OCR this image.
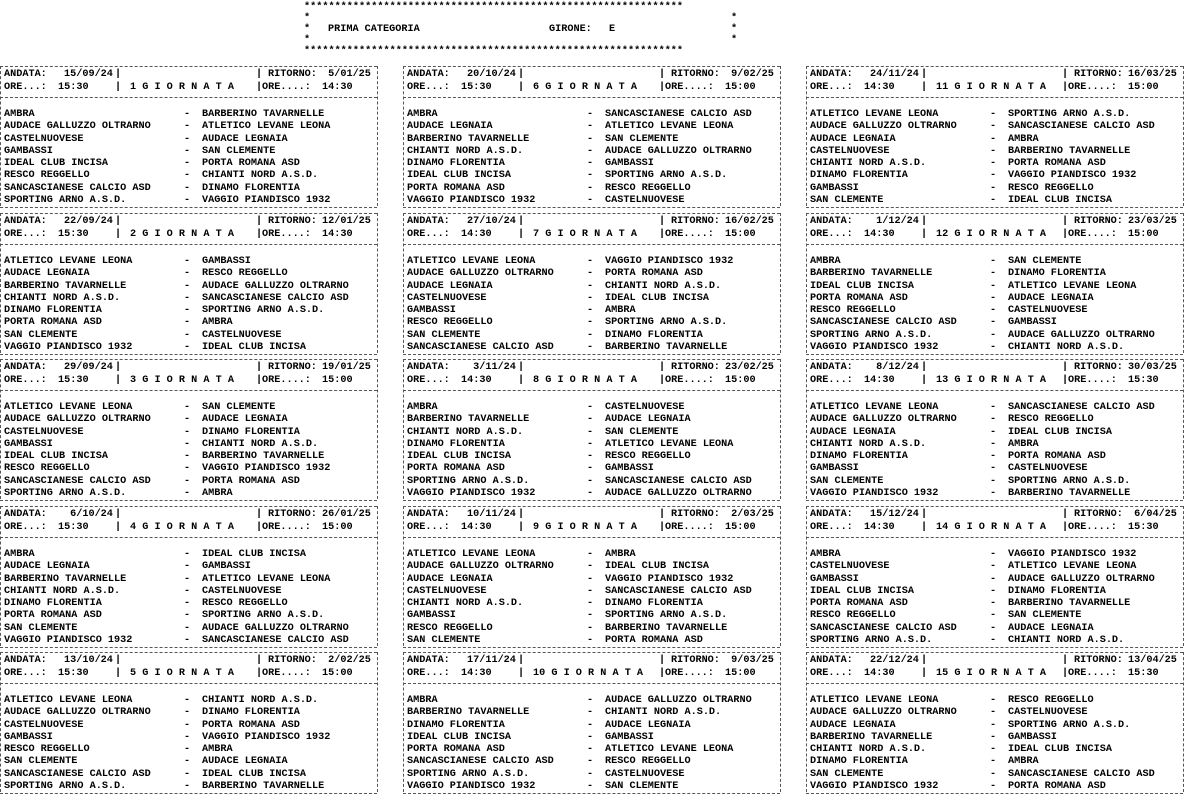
**************************************************************
*	*
* PRIMA CATEGORIA	GIRONE: E	*
*	*
**************************************************************
ANDATA: 15/09/24 |	| RITORNO: 5/01/25
ORE...: 15:30	| 1 G I O R N A T A | ORE....: 14:30
AMBRA	- BARBERINO TAVARNELLE
AUDACE GALLUZZO OLTRARNO	- ATLETICO LEVANE LEONA
CASTELNUOVESE	- AUDACE LEGNAIA
GAMBASSI	- SAN CLEMENTE
IDEAL CLUB INCISA	- PORTA ROMANA ASD
RESCO REGGELLO	- CHIANTI NORD A.S.D.
SANCASCIANESE CALCIO ASD	- DINAMO FLORENTIA
SPORTING ARNO A.S.D.	- VAGGIO PIANDISCO 1932
ANDATA: 22/09/24 |	| RITORNO: 12/01/25
ORE...: 15:30	| 2 G I O R N A T A | ORE....: 14:30
ATLETICO LEVANE LEONA	- GAMBASSI
AUDACE LEGNAIA	- RESCO REGGELLO
BARBERINO TAVARNELLE	- AUDACE GALLUZZO OLTRARNO
CHIANTI NORD A.S.D.	- SANCASCIANESE CALCIO ASD
DINAMO FLORENTIA	- SPORTING ARNO A.S.D.
PORTA ROMANA ASD	- AMBRA
SAN CLEMENTE	- CASTELNUOVESE
VAGGIO PIANDISCO 1932	- IDEAL CLUB INCISA
ANDATA: 29/09/24 |	| RITORNO: 19/01/25
ORE...: 15:30	| 3 G I O R N A T A | ORE....: 15:00
ATLETICO LEVANE LEONA	- SAN CLEMENTE
AUDACE GALLUZZO OLTRARNO	- AUDACE LEGNAIA
CASTELNUOVESE	- DINAMO FLORENTIA
GAMBASSI	- CHIANTI NORD A.S.D.
IDEAL CLUB INCISA	- BARBERINO TAVARNELLE
RESCO REGGELLO	- VAGGIO PIANDISCO 1932
SANCASCIANESE CALCIO ASD	- PORTA ROMANA ASD
SPORTING ARNO A.S.D.	- AMBRA
ANDATA: 6/10/24 |	| RITORNO: 26/01/25
ORE...: 15:30	| 4 G I O R N A T A | ORE....: 15:00
AMBRA	- IDEAL CLUB INCISA
AUDACE LEGNAIA	- GAMBASSI
BARBERINO TAVARNELLE	- ATLETICO LEVANE LEONA
CHIANTI NORD A.S.D.	- CASTELNUOVESE
DINAMO FLORENTIA	- RESCO REGGELLO
PORTA ROMANA ASD	- SPORTING ARNO A.S.D.
SAN CLEMENTE	- AUDACE GALLUZZO OLTRARNO
VAGGIO PIANDISCO 1932	- SANCASCIANESE CALCIO ASD
ANDATA: 13/10/24 |	| RITORNO: 2/02/25
ORE...: 15:30	| 5 G I O R N A T A | ORE....: 15:00
ATLETICO LEVANE LEONA	- CHIANTI NORD A.S.D.
AUDACE GALLUZZO OLTRARNO	- DINAMO FLORENTIA
CASTELNUOVESE	- PORTA ROMANA ASD
GAMBASSI	- VAGGIO PIANDISCO 1932
RESCO REGGELLO	- AMBRA
SAN CLEMENTE	- AUDACE LEGNAIA
SANCASCIANESE CALCIO ASD	- IDEAL CLUB INCISA
SPORTING ARNO A.S.D.	- BARBERINO TAVARNELLE
ANDATA: 20/10/24 |	| RITORNO: 9/02/25
ORE...: 15:30	| 6 G I O R N A T A | ORE....: 15:00
AMBRA	- SANCASCIANESE CALCIO ASD
AUDACE LEGNAIA	- ATLETICO LEVANE LEONA
BARBERINO TAVARNELLE	- SAN CLEMENTE
CHIANTI NORD A.S.D.	- AUDACE GALLUZZO OLTRARNO
DINAMO FLORENTIA	- GAMBASSI
IDEAL CLUB INCISA	- SPORTING ARNO A.S.D.
PORTA ROMANA ASD	- RESCO REGGELLO
VAGGIO PIANDISCO 1932	- CASTELNUOVESE
ANDATA: 27/10/24 |	| RITORNO: 16/02/25
ORE...: 14:30	| 7 G I O R N A T A | ORE....: 15:00
ATLETICO LEVANE LEONA	- VAGGIO PIANDISCO 1932
AUDACE GALLUZZO OLTRARNO	- PORTA ROMANA ASD
AUDACE LEGNAIA	- CHIANTI NORD A.S.D.
CASTELNUOVESE	- IDEAL CLUB INCISA
GAMBASSI	- AMBRA
RESCO REGGELLO	- SPORTING ARNO A.S.D.
SAN CLEMENTE	- DINAMO FLORENTIA
SANCASCIANESE CALCIO ASD	- BARBERINO TAVARNELLE
ANDATA: 3/11/24 |	| RITORNO: 23/02/25
ORE...: 14:30	| 8 G I O R N A T A | ORE....: 15:00
AMBRA	- CASTELNUOVESE
BARBERINO TAVARNELLE	- AUDACE LEGNAIA
CHIANTI NORD A.S.D.	- SAN CLEMENTE
DINAMO FLORENTIA	- ATLETICO LEVANE LEONA
IDEAL CLUB INCISA	- RESCO REGGELLO
PORTA ROMANA ASD	- GAMBASSI
SPORTING ARNO A.S.D.	- SANCASCIANESE CALCIO ASD
VAGGIO PIANDISCO 1932	- AUDACE GALLUZZO OLTRARNO
ANDATA: 10/11/24 |	| RITORNO: 2/03/25
ORE...: 14:30	| 9 G I O R N A T A | ORE....: 15:00
ATLETICO LEVANE LEONA	- AMBRA
AUDACE GALLUZZO OLTRARNO	- IDEAL CLUB INCISA
AUDACE LEGNAIA	- VAGGIO PIANDISCO 1932
CASTELNUOVESE	- SANCASCIANESE CALCIO ASD
CHIANTI NORD A.S.D.	- DINAMO FLORENTIA
GAMBASSI	- SPORTING ARNO A.S.D.
RESCO REGGELLO	- BARBERINO TAVARNELLE
SAN CLEMENTE	- PORTA ROMANA ASD
ANDATA: 17/11/24 |	| RITORNO: 9/03/25
ORE...: 14:30	| 10 G I O R N A T A | ORE....: 15:00
AMBRA	- AUDACE GALLUZZO OLTRARNO
BARBERINO TAVARNELLE	- CHIANTI NORD A.S.D.
DINAMO FLORENTIA	- AUDACE LEGNAIA
IDEAL CLUB INCISA	- GAMBASSI
PORTA ROMANA ASD	- ATLETICO LEVANE LEONA
SANCASCIANESE CALCIO ASD	- RESCO REGGELLO
SPORTING ARNO A.S.D.	- CASTELNUOVESE
VAGGIO PIANDISCO 1932	- SAN CLEMENTE
ANDATA: 24/11/24 |	| RITORNO: 16/03/25
ORE...: 14:30	| 11 G I O R N A T A | ORE....: 15:00
ATLETICO LEVANE LEONA	- SPORTING ARNO A.S.D.
AUDACE GALLUZZO OLTRARNO	- SANCASCIANESE CALCIO ASD
AUDACE LEGNAIA	- AMBRA
CASTELNUOVESE	- BARBERINO TAVARNELLE
CHIANTI NORD A.S.D.	- PORTA ROMANA ASD
DINAMO FLORENTIA	- VAGGIO PIANDISCO 1932
GAMBASSI	- RESCO REGGELLO
SAN CLEMENTE	- IDEAL CLUB INCISA
ANDATA: 1/12/24 |	| RITORNO: 23/03/25
ORE...: 14:30	| 12 G I O R N A T A | ORE....: 15:00
AMBRA	- SAN CLEMENTE
BARBERINO TAVARNELLE	- DINAMO FLORENTIA
IDEAL CLUB INCISA	- ATLETICO LEVANE LEONA
PORTA ROMANA ASD	- AUDACE LEGNAIA
RESCO REGGELLO	- CASTELNUOVESE
SANCASCIANESE CALCIO ASD	- GAMBASSI
SPORTING ARNO A.S.D.	- AUDACE GALLUZZO OLTRARNO
VAGGIO PIANDISCO 1932	- CHIANTI NORD A.S.D.
ANDATA: 8/12/24 |	| RITORNO: 30/03/25
ORE...: 14:30	| 13 G I O R N A T A | ORE....: 15:30
ATLETICO LEVANE LEONA	- SANCASCIANESE CALCIO ASD
AUDACE GALLUZZO OLTRARNO	- RESCO REGGELLO
AUDACE LEGNAIA	- IDEAL CLUB INCISA
CHIANTI NORD A.S.D.	- AMBRA
DINAMO FLORENTIA	- PORTA ROMANA ASD
GAMBASSI	- CASTELNUOVESE
SAN CLEMENTE	- SPORTING ARNO A.S.D.
VAGGIO PIANDISCO 1932	- BARBERINO TAVARNELLE
ANDATA: 15/12/24 |	| RITORNO: 6/04/25
ORE...: 14:30	| 14 G I O R N A T A | ORE....: 15:30
AMBRA	- VAGGIO PIANDISCO 1932
CASTELNUOVESE	- ATLETICO LEVANE LEONA
GAMBASSI	- AUDACE GALLUZZO OLTRARNO
IDEAL CLUB INCISA	- DINAMO FLORENTIA
PORTA ROMANA ASD	- BARBERINO TAVARNELLE
RESCO REGGELLO	- SAN CLEMENTE
SANCASCIANESE CALCIO ASD	- AUDACE LEGNAIA
SPORTING ARNO A.S.D.	- CHIANTI NORD A.S.D.
ANDATA: 22/12/24 |	| RITORNO: 13/04/25
ORE...: 14:30	| 15 G I O R N A T A | ORE....: 15:30
ATLETICO LEVANE LEONA	- RESCO REGGELLO
AUDACE GALLUZZO OLTRARNO	- CASTELNUOVESE
AUDACE LEGNAIA	- SPORTING ARNO A.S.D.
BARBERINO TAVARNELLE	- GAMBASSI
CHIANTI NORD A.S.D.	- IDEAL CLUB INCISA
DINAMO FLORENTIA	- AMBRA
SAN CLEMENTE	- SANCASCIANESE CALCIO ASD
VAGGIO PIANDISCO 1932	- PORTA ROMANA ASD
